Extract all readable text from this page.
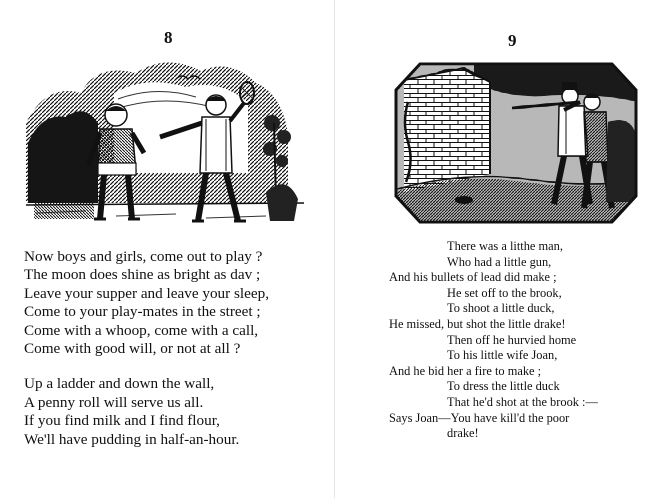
8
Now boys and girls, come out to play ?
The moon does shine as bright as dav ;
Leave your supper and leave your sleep,
Come to your play-mates in the street ;
Come with a whoop, come with a call,
Come with good will, or not at all ?
Up a ladder and down the wall,
A penny roll will serve us all.
If you find milk and I find flour,
We'll have pudding in half-an-hour.
9
There was a litthe man,
Who had a little gun,
And his bullets of lead did make ;
He set off to the brook,
To shoot a little duck,
He missed, but shot the little drake!
Then off he hurvied home
To his little wife Joan,
And he bid her a fire to make ;
To dress the little duck
That he'd shot at the brook :—
Says Joan—You have kill'd the poor
drake!
